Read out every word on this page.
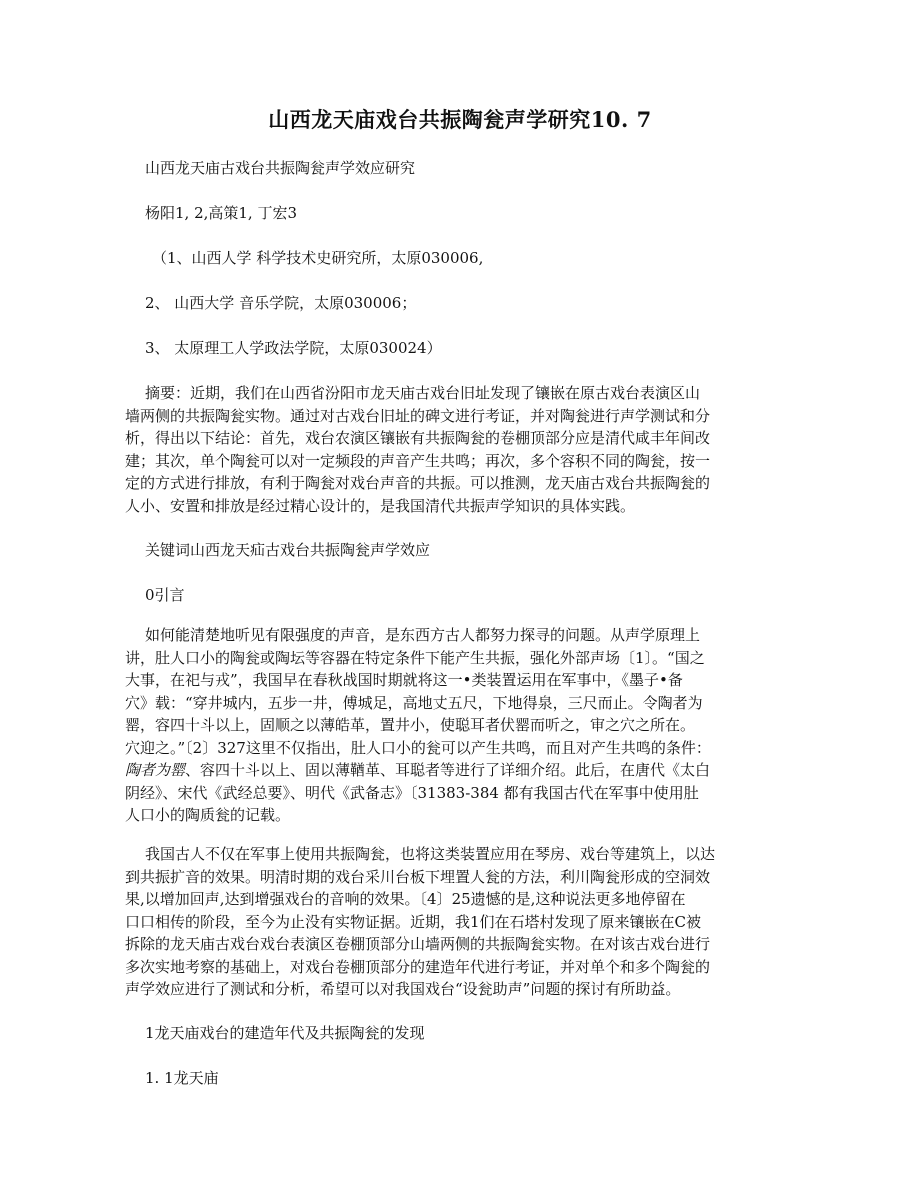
山西龙天庙戏台共振陶瓮声学研究10. 7
山西龙天庙古戏台共振陶瓮声学效应研究
杨阳1, 2,高策1, 丁宏3
（1、山西人学 科学技术史研究所，太原030006,
2、 山西大学 音乐学院，太原030006；
3、 太原理工人学政法学院，太原030024）
摘要：近期，我们在山西省汾阳市龙天庙古戏台旧址发现了镶嵌在原古戏台表演区山
墙两侧的共振陶瓮实物。通过对古戏台旧址的碑文进行考证，并对陶瓮进行声学测试和分
析，得出以下结论：首先，戏台农演区镶嵌有共振陶瓮的卷棚顶部分应是清代咸丰年间改
建；其次，单个陶瓮可以对一定频段的声音产生共鸣；再次，多个容积不同的陶瓮，按一
定的方式进行排放，有利于陶瓮对戏台声音的共振。可以推测，龙天庙古戏台共振陶瓮的
人小、安置和排放是经过精心设计的，是我国清代共振声学知识的具体实践。
关键词山西龙天疝古戏台共振陶瓮声学效应
0引言
如何能清楚地听见有限强度的声音，是东西方古人都努力探寻的问题。从声学原理上
讲，肚人口小的陶瓮或陶坛等容器在特定条件下能产生共振，强化外部声场〔1〕。“国之
大事，在祀与戎”，我国早在春秋战国时期就将这一•类装置运用在军事中，《墨子•备
穴》载：“穿井城内，五步一井，傅城足，高地丈五尺，下地得泉，三尺而止。令陶者为
罂，容四十斗以上，固顺之以薄皓革，置井小，使聪耳者伏罂而听之，审之穴之所在。
穴迎之。”〔2〕327这里不仅指出，肚人口小的瓮可以产生共鸣，而且对产生共鸣的条件：
陶者为罂、容四十斗以上、固以薄鞧革、耳聪者等进行了详细介绍。此后，在唐代《太白
阴经》、宋代《武经总要》、明代《武备志》〔31383-384 都有我国古代在军事中使用肚
人口小的陶质瓮的记载。
我国古人不仅在军事上使用共振陶瓮，也将这类装置应用在琴房、戏台等建筑上，以达
到共振扩音的效果。明清时期的戏台采川台板下埋置人瓮的方法，利川陶瓮形成的空洞效
果,以增加回声,达到增强戏台的音响的效果。〔4〕25遗憾的是,这种说法更多地停留在
口口相传的阶段，至今为止没有实物证据。近期，我1们在石塔村发现了原来镶嵌在C被
拆除的龙天庙古戏台戏台表演区卷棚顶部分山墙两侧的共振陶瓮实物。在对该古戏台进行
多次实地考察的基础上，对戏台卷棚顶部分的建造年代进行考证，并对单个和多个陶瓮的
声学效应进行了测试和分析，希望可以对我国戏台“设瓮助声”问题的探讨有所助益。
1龙天庙戏台的建造年代及共振陶瓮的发现
1. 1龙天庙
